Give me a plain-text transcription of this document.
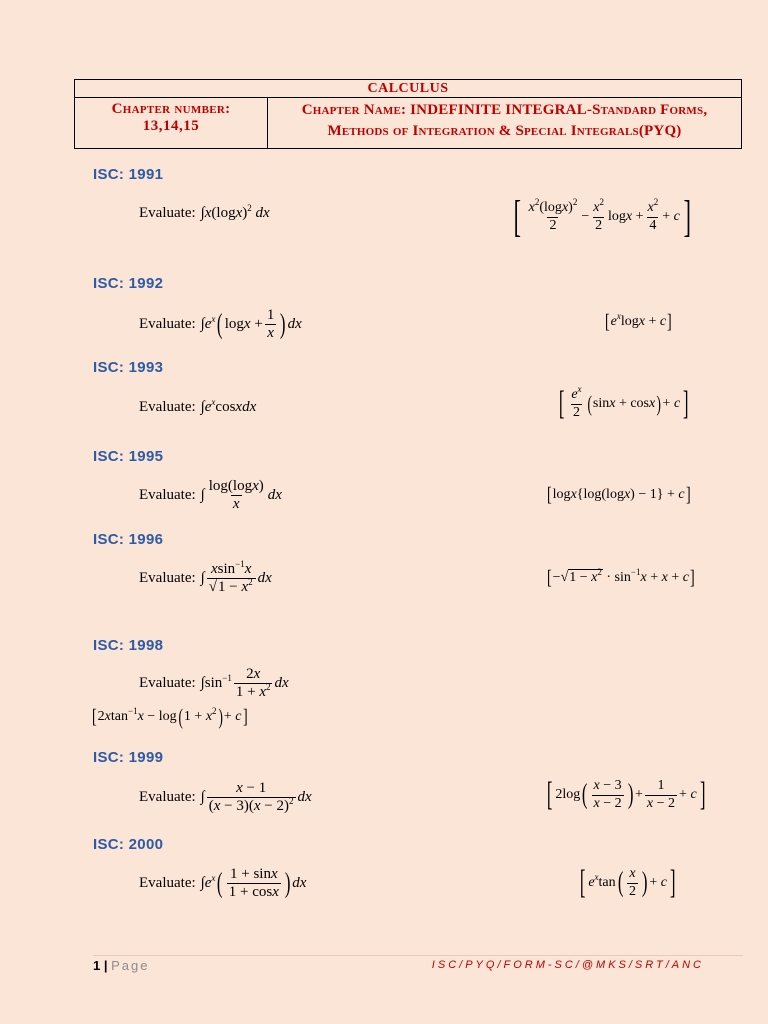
CALCULUS

Chapter number:
13,14,15

Chapter Name: INDEFINITE INTEGRAL-Standard Forms,
Methods of Integration & Special Integrals(PYQ)
ISC: 1991
Evaluate: $\int x(\log x)^2$ dx	[ $\frac{x^2(\log x)^2}{2} - \frac{x^2}{2}$ $\log x + \frac{x^2}{4} + c$ ]
ISC: 1992
Evaluate: $\int e^x$ ( $\log x + \frac{1}{x}$ ) dx	[ $e^x\log x + c$ ]
ISC: 1993
Evaluate: $\int e^xcosxdx$	[ $\frac{e^x}{2}$ ( sinx + cosx ) + c ]
ISC: 1995
Evaluate: ∫ $\frac{\log(\log x)}{x}$ dx	[ logx{log(logx) − 1} + c ]
ISC: 1996
Evaluate: ∫ $\frac{xsin^{-1}x}{√1 - x^2}$ dx	[ $-√1 - x^2 \cdot \sin^{-1}x + x + c$ ]
ISC: 1998
Evaluate: $\int\sin^{-1} \frac{2x}{1 + x^2}$ dx
[ 2xtan$^{-1}$x − log ( $1 + x^2$ ) + c ]
ISC: 1999
Evaluate: ∫ $\frac{x - 1}{(x - 3)(x - 2)^2}$ dx	[ 2log ( $\frac{x - 3}{x - 2}$ ) + $\frac{1}{x - 2} + c$ ]
ISC: 2000
Evaluate: $\int e^x$ ( $\frac{1 + \sin x}{1 + \cos x}$ ) dx	[ $e^x\tan$ ( $\frac{x}{2}$ ) + c ]
1 | Page	ISC/PYQ/FORM-SC/@MKS/SRT/ANC
